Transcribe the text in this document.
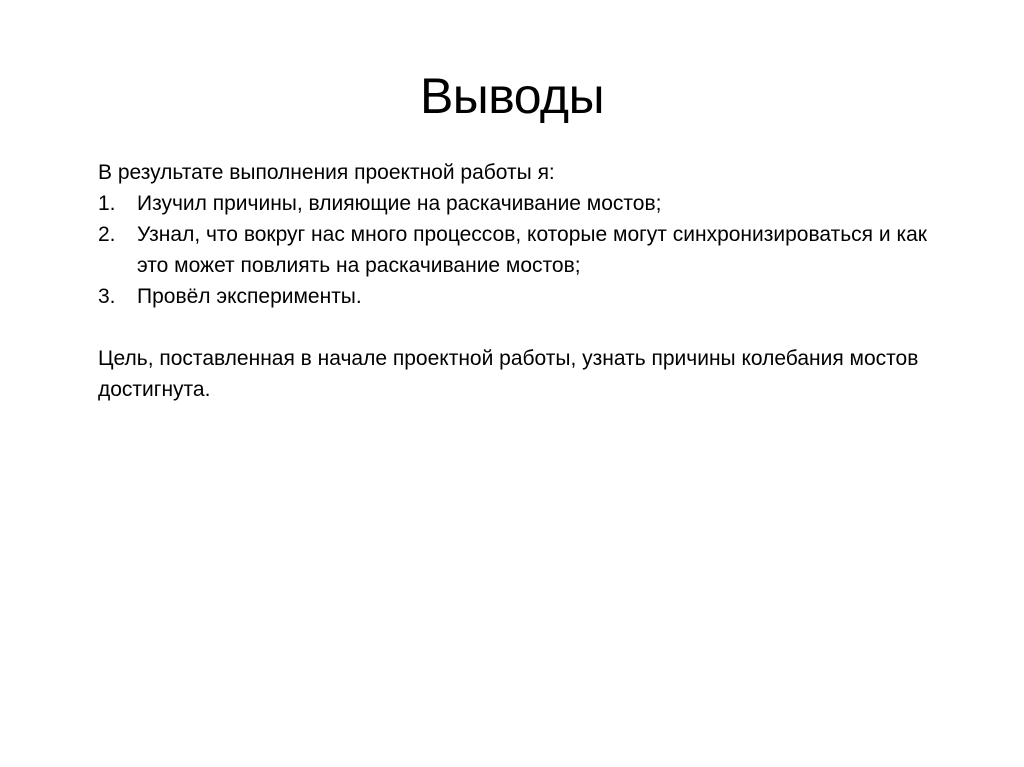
Выводы

В результате выполнения проектной работы я:

1.	Изучил причины, влияющие на раскачивание мостов;
2.	Узнал, что вокруг нас много процессов, которые могут синхронизироваться и как это может повлиять на раскачивание мостов;
3.	Провёл эксперименты.

Цель, поставленная в начале проектной работы, узнать причины колебания мостов достигнута.
